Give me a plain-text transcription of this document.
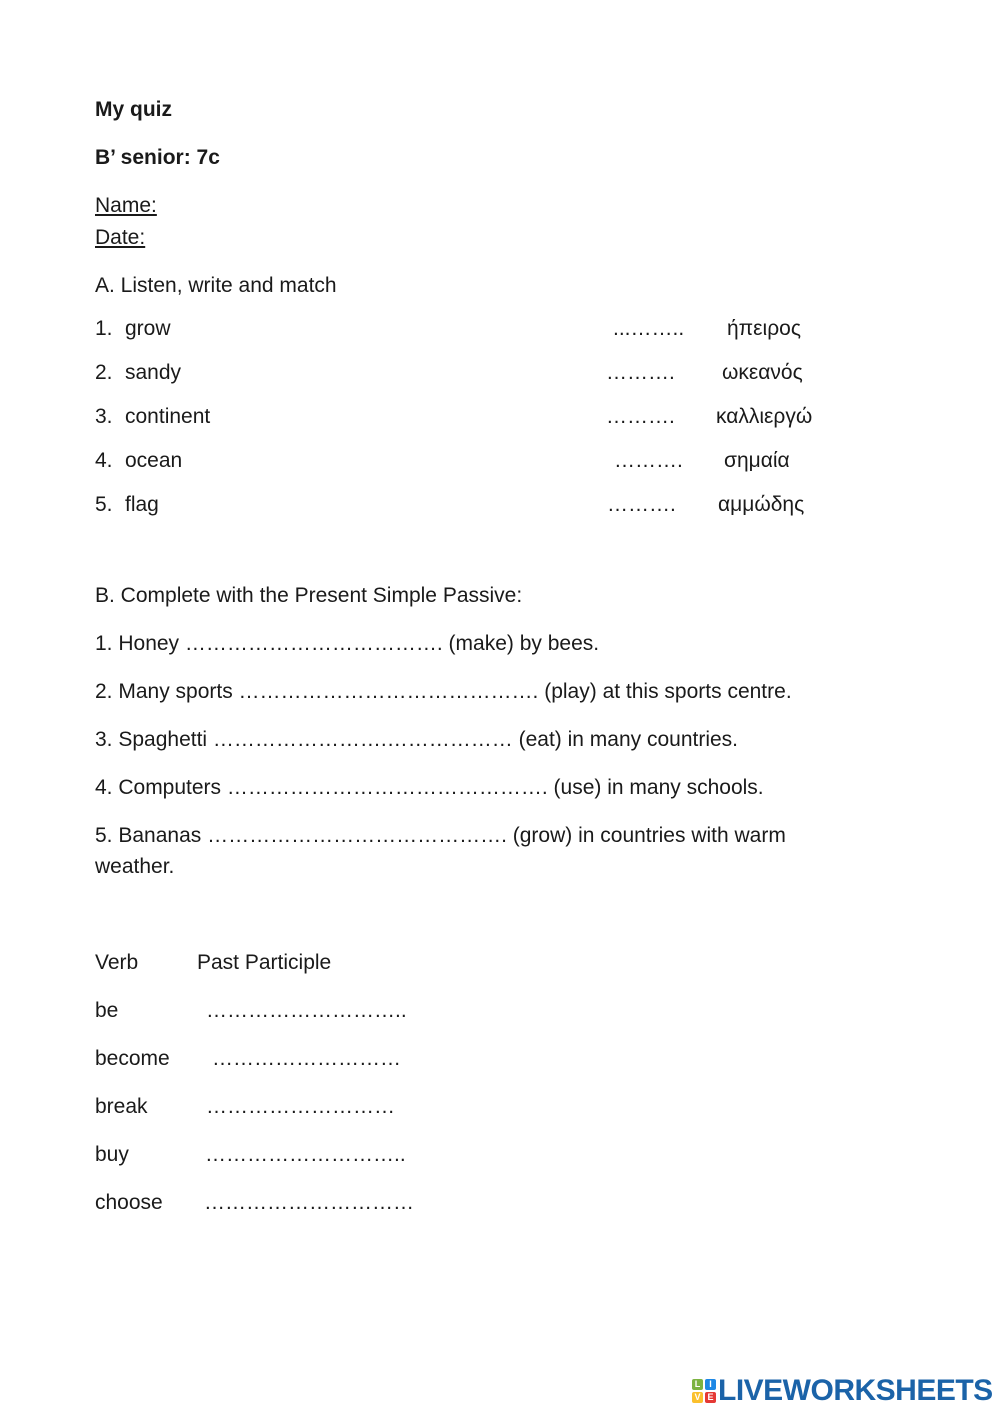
My quiz
B’ senior: 7c
Name:
Date:
A. Listen, write and match
1. grow	...…….. ήπειρος
2. sandy	………. ωκεανός
3. continent	………. καλλιεργώ
4. ocean	………. σημαία
5. flag	………. αμμώδης
B. Complete with the Present Simple Passive:
1. Honey ………………………………. (make) by bees.
2. Many sports ……………………………………. (play) at this sports centre.
3. Spaghetti …………………….……………… (eat) in many countries.
4. Computers ………………………………………. (use) in many schools.
5. Bananas ……………………………………. (grow) in countries with warm
weather.
Verb	Past Participle
be	………………………..
become ………………………
break	………………………
buy	………………………..
choose …………………………
L I
V E LIVEWORKSHEETS
